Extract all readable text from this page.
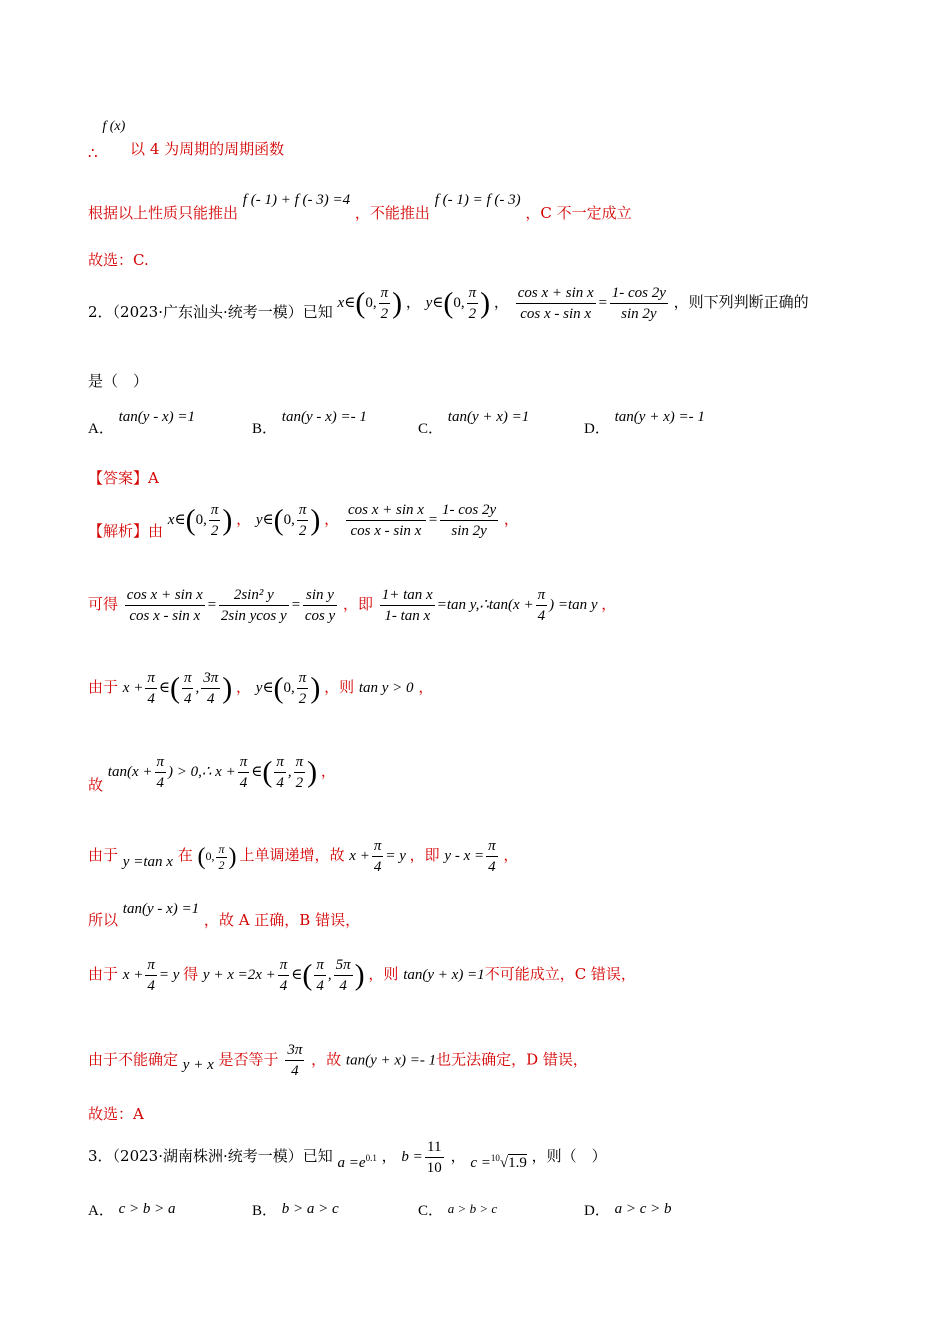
∴ f (x) 以 4 为周期的周期函数
根据以上性质只能推出 f (- 1) + f (- 3) =4 ，不能推出 f (- 1) = f (- 3) ，C 不一定成立
故选：C.
2．（2023·广东汕头·统考一模）已知 x∈(0, $\frac{\pi}{2}$ ) ， y∈(0, $\frac{\pi}{2}$ ) ， $\frac{\text{cos x + sin x}}{\text{cos x - sin x}} = \frac{1- \cos 2y}{\sin 2y}$ ，则下列判断正确的
是（　）
A． tan(y - x) =1
B． tan(y - x) =- 1
C． tan(y + x) =1
D． tan(y + x) =- 1
【答案】A
【解析】由 x∈(0, $\frac{\pi}{2}$ ) ， y∈(0, $\frac{\pi}{2}$ ) ， $\frac{\text{cos x + sin x}}{\text{cos x - sin x}} = \frac{1- \cos 2y}{\sin 2y}$ ，
可得 $\frac{\text{cos x + sin x}}{\text{cos x - sin x}} = \frac{\text{2sin² y}}{\text{2sin ycos y}} = \frac{\text{sin y}}{\text{cos y}}$ ，即 $\frac{\text{1+ tan x}}{\text{1- tan x}} =\tan$ y,∴tan(x + $\frac{\pi}{4}$ ) =tan y ，
由于 $x + \frac{\pi}{4}$ ∈( $\frac{\pi}{4}$ , $\frac{3\pi}{4}$ ) ， y∈(0, $\frac{\pi}{2}$ ) ，则 tan y > 0 ，
故 $\tan(x + \frac{\pi}{4}$ ) > 0,∴ $x + \frac{\pi}{4}$ ∈( $\frac{\pi}{4}$ , $\frac{\pi}{2}$ ) ，
由于 y =tan x 在 (0, $\frac{\pi}{2}$ ) 上单调递增，故 $x + \frac{\pi}{4} = y$ ，即 $y - x = \frac{\pi}{4}$ ，
所以 tan(y - x) =1 ，故 A 正确，B 错误，
由于 $x + \frac{\pi}{4} = y$ 得 $y + x =2x + \frac{\pi}{4}$ ∈( $\frac{\pi}{4}$ , $\frac{5\pi}{4}$ ) ，则 tan(y + x) =1不可能成立，C 错误，
由于不能确定 y + x 是否等于 $\frac{3\pi}{4}$ ，故 tan(y + x) =- 1也无法确定，D 错误，
故选：A
3．（2023·湖南株洲·统考一模）已知 $a =e^{0.1}$ ， $b = \frac{11}{10}$ ， c =$^{10}$√1.9 ，则（　）
A． c > b > a	B． b > a > c	C． a > b > c	D． a > c > b
